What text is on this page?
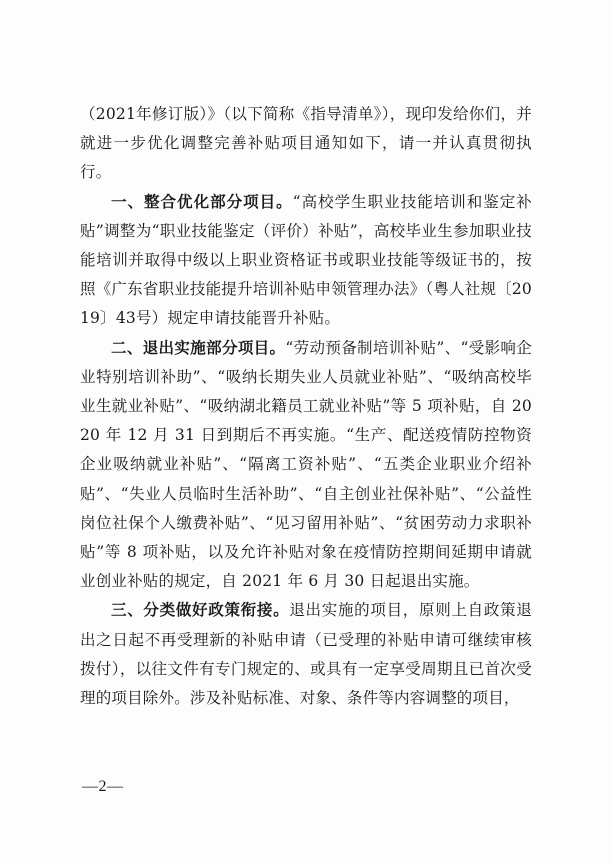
（2021年修订版）》（以下简称《指导清单》），现印发给你们，并就进一步优化调整完善补贴项目通知如下，请一并认真贯彻执行。

一、整合优化部分项目。“高校学生职业技能培训和鉴定补贴”调整为“职业技能鉴定（评价）补贴”，高校毕业生参加职业技能培训并取得中级以上职业资格证书或职业技能等级证书的，按照《广东省职业技能提升培训补贴申领管理办法》（粤人社规〔2019〕43号）规定申请技能晋升补贴。

二、退出实施部分项目。“劳动预备制培训补贴”、“受影响企业特别培训补助”、“吸纳长期失业人员就业补贴”、“吸纳高校毕业生就业补贴”、“吸纳湖北籍员工就业补贴”等 5 项补贴，自 2020 年 12 月 31 日到期后不再实施。“生产、配送疫情防控物资企业吸纳就业补贴”、“隔离工资补贴”、“五类企业职业介绍补贴”、“失业人员临时生活补助”、“自主创业社保补贴”、“公益性岗位社保个人缴费补贴”、“见习留用补贴”、“贫困劳动力求职补贴”等 8 项补贴，以及允许补贴对象在疫情防控期间延期申请就业创业补贴的规定，自 2021 年 6 月 30 日起退出实施。

三、分类做好政策衔接。退出实施的项目，原则上自政策退出之日起不再受理新的补贴申请（已受理的补贴申请可继续审核拨付），以往文件有专门规定的、或具有一定享受周期且已首次受理的项目除外。涉及补贴标准、对象、条件等内容调整的项目，

—2—
